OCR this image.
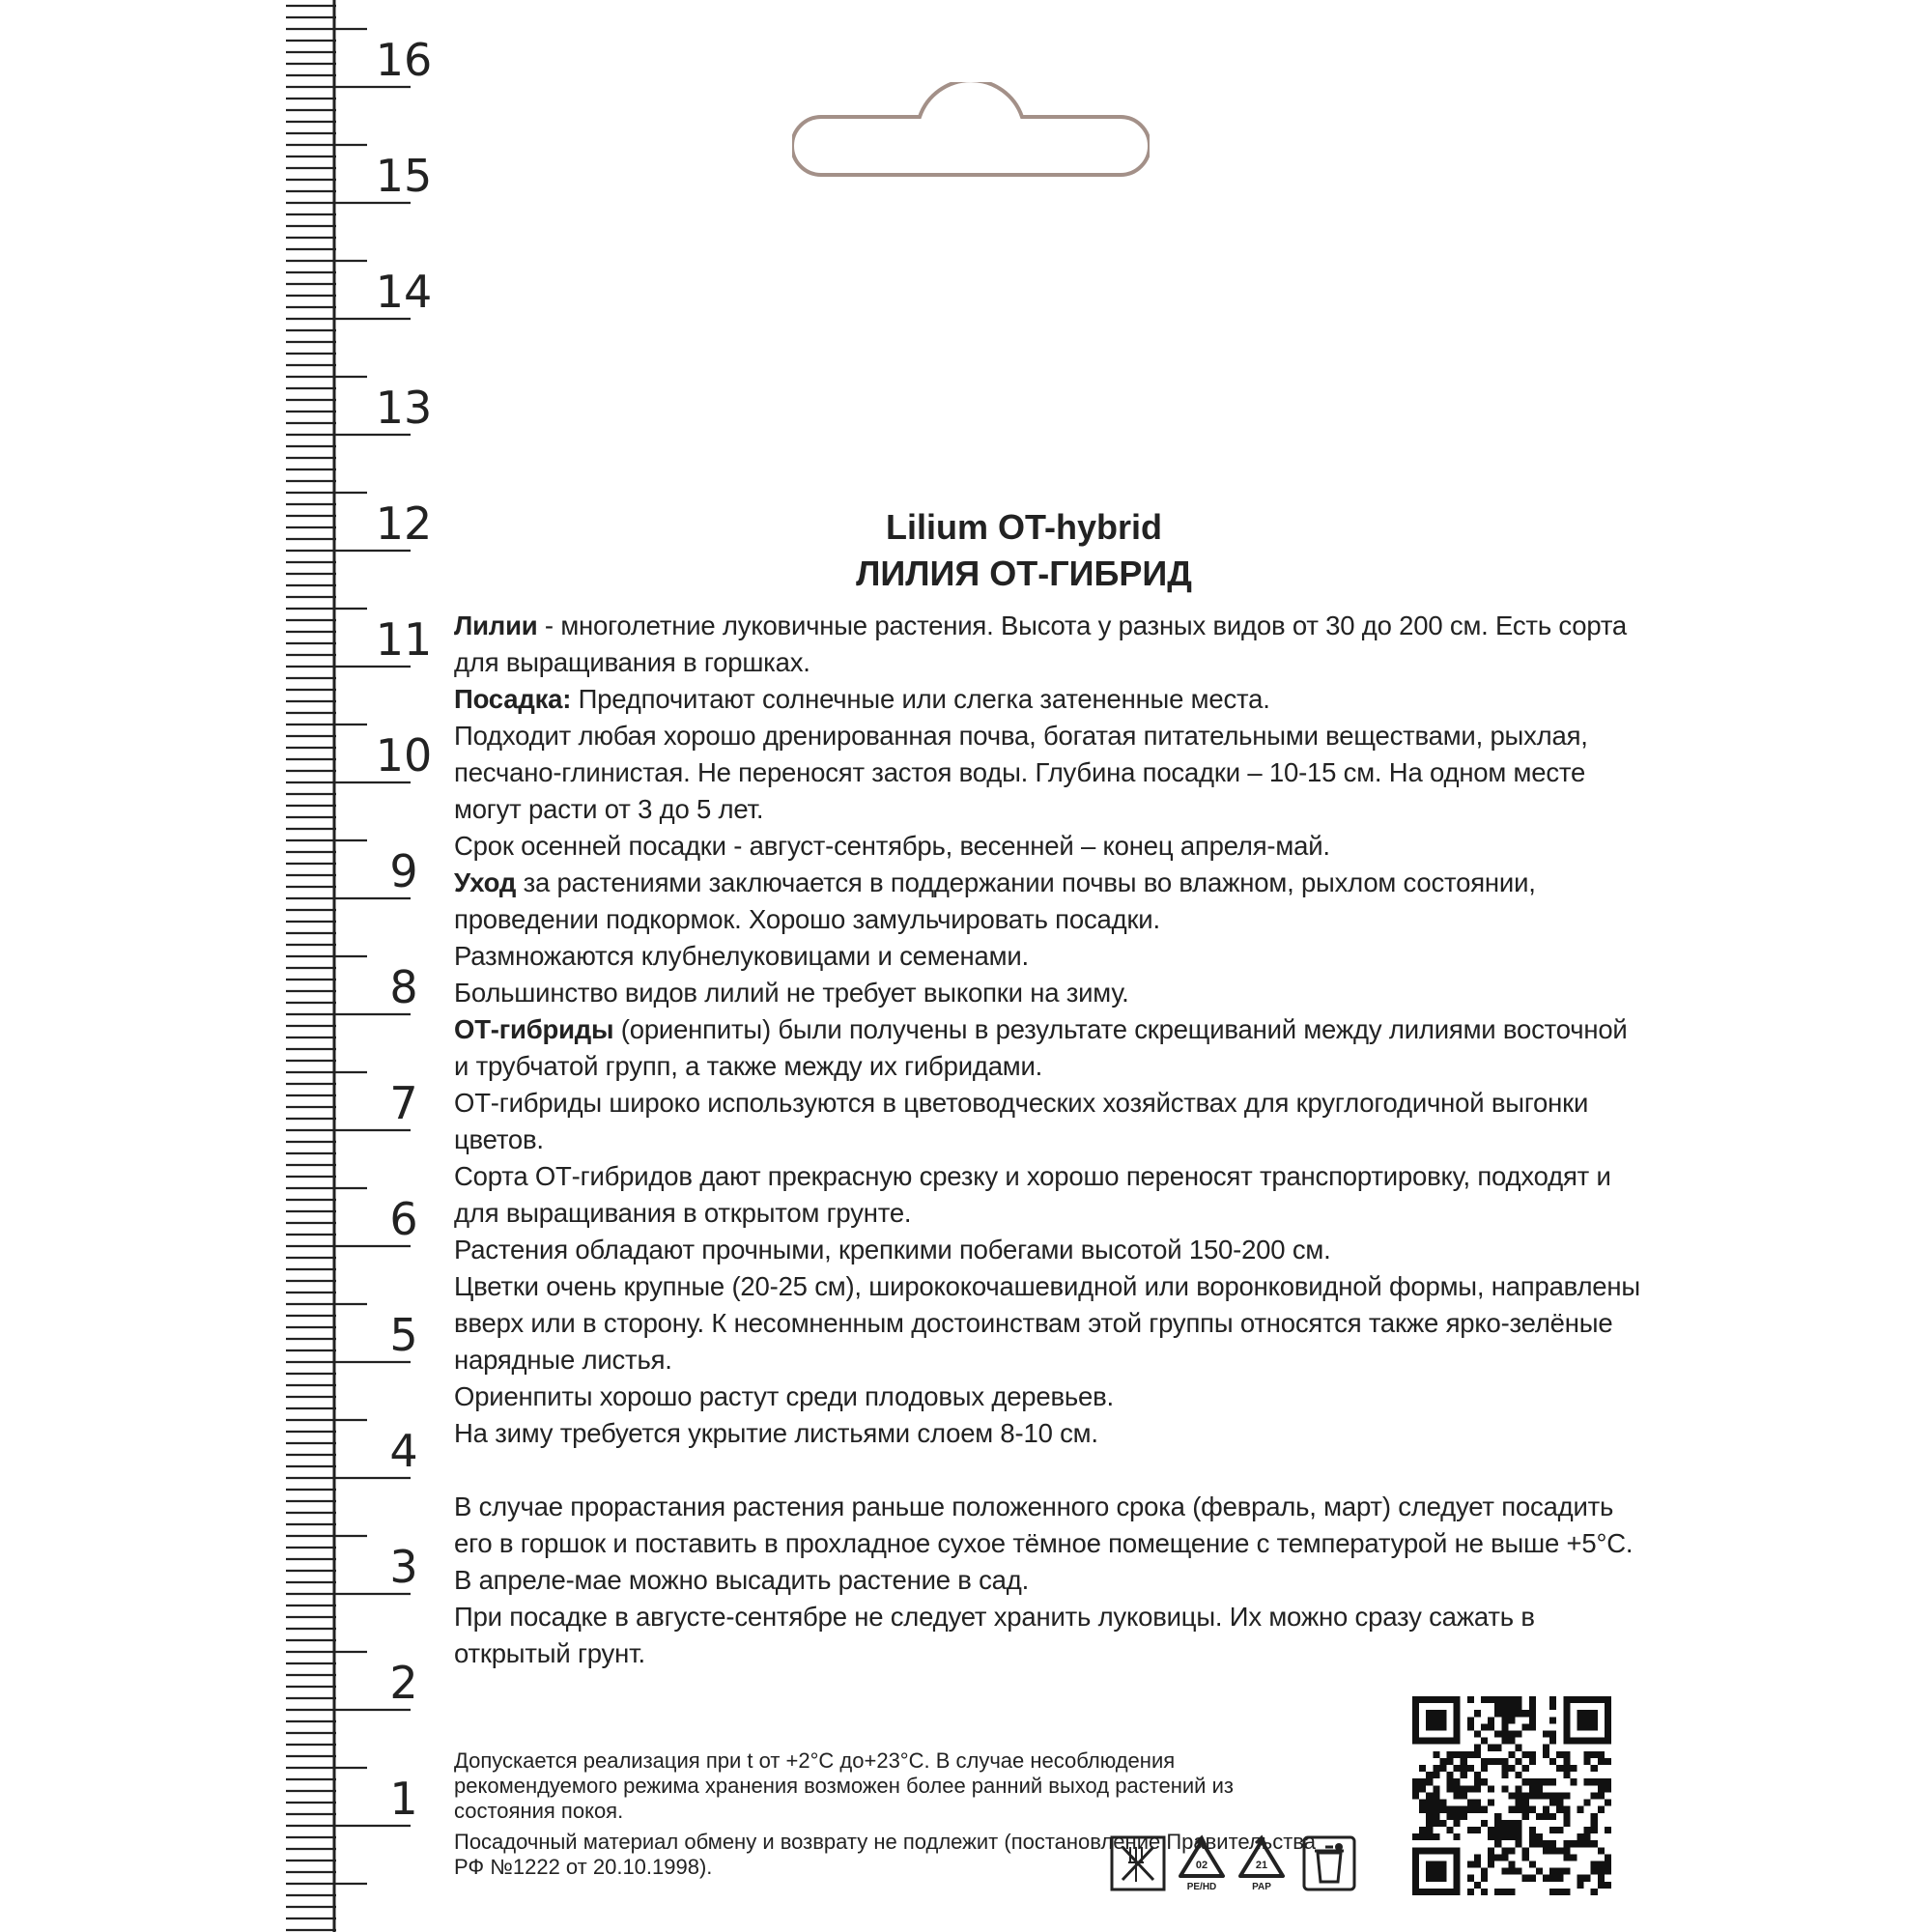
16
15
14
13
12
11
10
9
8
7
6
5
4
3
2
1
Lilium OT-hybrid
ЛИЛИЯ ОТ-ГИБРИД

Лилии - многолетние луковичные растения. Высота у разных видов от 30 до 200 см. Есть сорта для выращивания в горшках.

Посадка: Предпочитают солнечные или слегка затененные места.

Подходит любая хорошо дренированная почва, богатая питательными веществами, рыхлая, песчано-глинистая. Не переносят застоя воды. Глубина посадки – 10-15 см. На одном месте могут расти от 3 до 5 лет.

Срок осенней посадки - август-сентябрь, весенней – конец апреля-май.

Уход за растениями заключается в поддержании почвы во влажном, рыхлом состоянии, проведении подкормок. Хорошо замульчировать посадки.

Размножаются клубнелуковицами и семенами.

Большинство видов лилий не требует выкопки на зиму.

ОТ-гибриды (ориенпиты) были получены в результате скрещиваний между лилиями восточной и трубчатой групп, а также между их гибридами.

ОТ-гибриды широко используются в цветоводческих хозяйствах для круглогодичной выгонки цветов.

Сорта ОТ-гибридов дают прекрасную срезку и хорошо переносят транспортировку, подходят и для выращивания в открытом грунте.

Растения обладают прочными, крепкими побегами высотой 150-200 см.

Цветки очень крупные (20-25 см), ширококочашевидной или воронковидной формы, направлены вверх или в сторону. К несомненным достоинствам этой группы относятся также ярко-зелёные нарядные листья.

Ориенпиты хорошо растут среди плодовых деревьев.

На зиму требуется укрытие листьями слоем 8-10 см.

В случае прорастания растения раньше положенного срока (февраль, март) следует посадить его в горшок и поставить в прохладное сухое тёмное помещение с температурой не выше +5°С.

В апреле-мае можно высадить растение в сад.

При посадке в августе-сентябре не следует хранить луковицы. Их можно сразу сажать в открытый грунт.

Допускается реализация при t от +2°С до+23°С. В случае несоблюдения рекомендуемого режима хранения возможен более ранний выход растений из состояния покоя.

Посадочный материал обмену и возврату не подлежит (постановление Правительства РФ №1222 от 20.10.1998).	02
PE/HD
21
PAP
